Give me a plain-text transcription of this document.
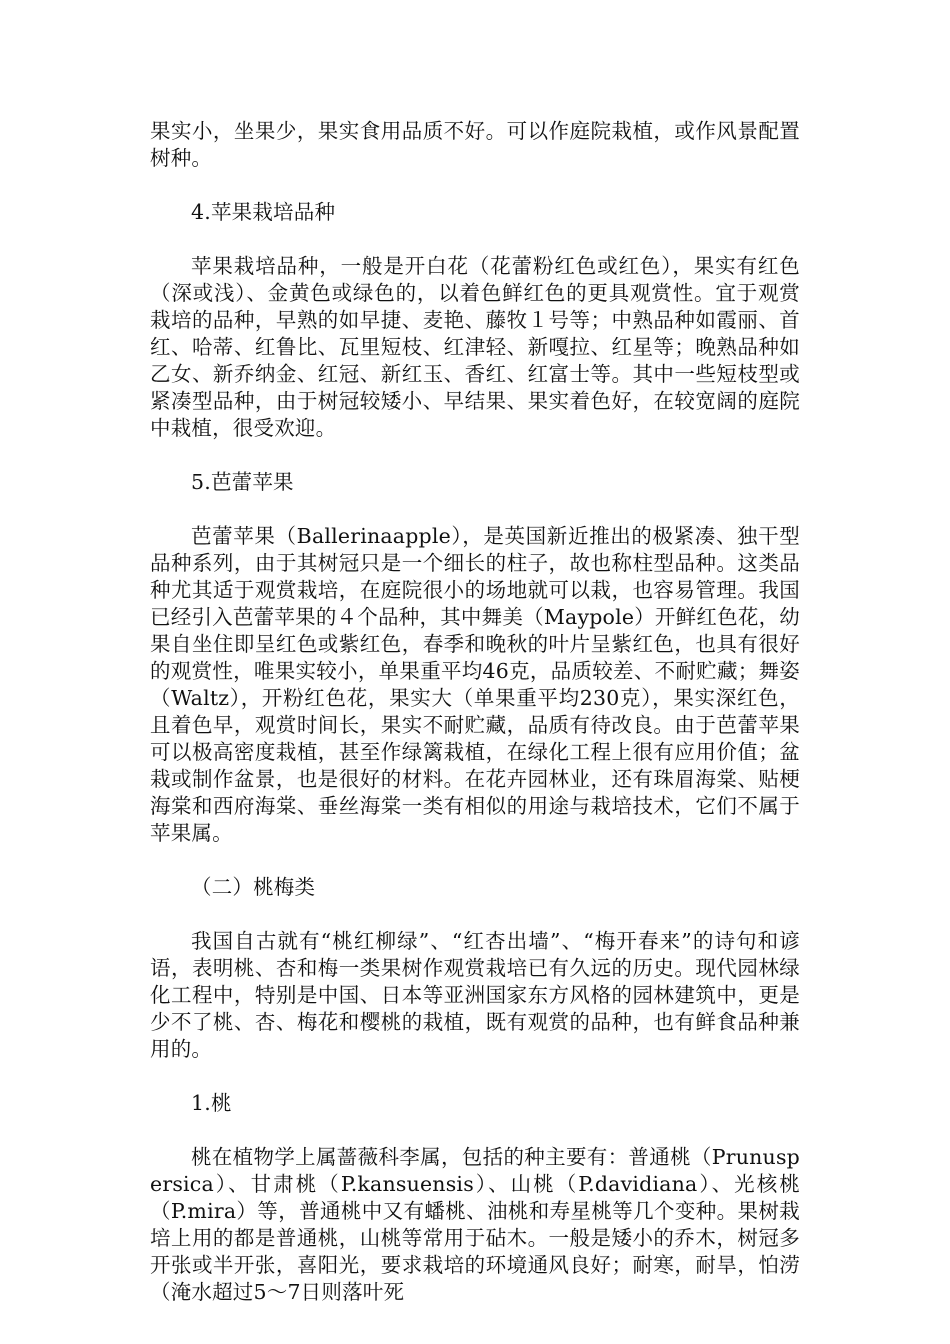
果实小，坐果少，果实食用品质不好。可以作庭院栽植，或作风景配置树种。

4.苹果栽培品种

苹果栽培品种，一般是开白花（花蕾粉红色或红色），果实有红色（深或浅）、金黄色或绿色的，以着色鲜红色的更具观赏性。宜于观赏栽培的品种，早熟的如早捷、麦艳、藤牧１号等；中熟品种如霞丽、首红、哈蒂、红鲁比、瓦里短枝、红津轻、新嘎拉、红星等；晚熟品种如乙女、新乔纳金、红冠、新红玉、香红、红富士等。其中一些短枝型或紧凑型品种，由于树冠较矮小、早结果、果实着色好，在较宽阔的庭院中栽植，很受欢迎。

5.芭蕾苹果

芭蕾苹果（Ballerinaapple），是英国新近推出的极紧凑、独干型品种系列，由于其树冠只是一个细长的柱子，故也称柱型品种。这类品种尤其适于观赏栽培，在庭院很小的场地就可以栽，也容易管理。我国已经引入芭蕾苹果的４个品种，其中舞美（Maypole）开鲜红色花，幼果自坐住即呈红色或紫红色，春季和晚秋的叶片呈紫红色，也具有很好的观赏性，唯果实较小，单果重平均46克，品质较差、不耐贮藏；舞姿（Waltz），开粉红色花，果实大（单果重平均230克），果实深红色，且着色早，观赏时间长，果实不耐贮藏，品质有待改良。由于芭蕾苹果可以极高密度栽植，甚至作绿篱栽植，在绿化工程上很有应用价值；盆栽或制作盆景，也是很好的材料。在花卉园林业，还有珠眉海棠、贴梗海棠和西府海棠、垂丝海棠一类有相似的用途与栽培技术，它们不属于苹果属。

（二）桃梅类

我国自古就有“桃红柳绿”、“红杏出墙”、“梅开春来”的诗句和谚语，表明桃、杏和梅一类果树作观赏栽培已有久远的历史。现代园林绿化工程中，特别是中国、日本等亚洲国家东方风格的园林建筑中，更是少不了桃、杏、梅花和樱桃的栽植，既有观赏的品种，也有鲜食品种兼用的。

1.桃

桃在植物学上属蔷薇科李属，包括的种主要有：普通桃（Prunuspersica）、甘肃桃（P.kansuensis）、山桃（P.davidiana）、光核桃（P.mira）等，普通桃中又有蟠桃、油桃和寿星桃等几个变种。果树栽培上用的都是普通桃，山桃等常用于砧木。一般是矮小的乔木，树冠多开张或半开张，喜阳光，要求栽培的环境通风良好；耐寒，耐旱，怕涝（淹水超过5～7日则落叶死
